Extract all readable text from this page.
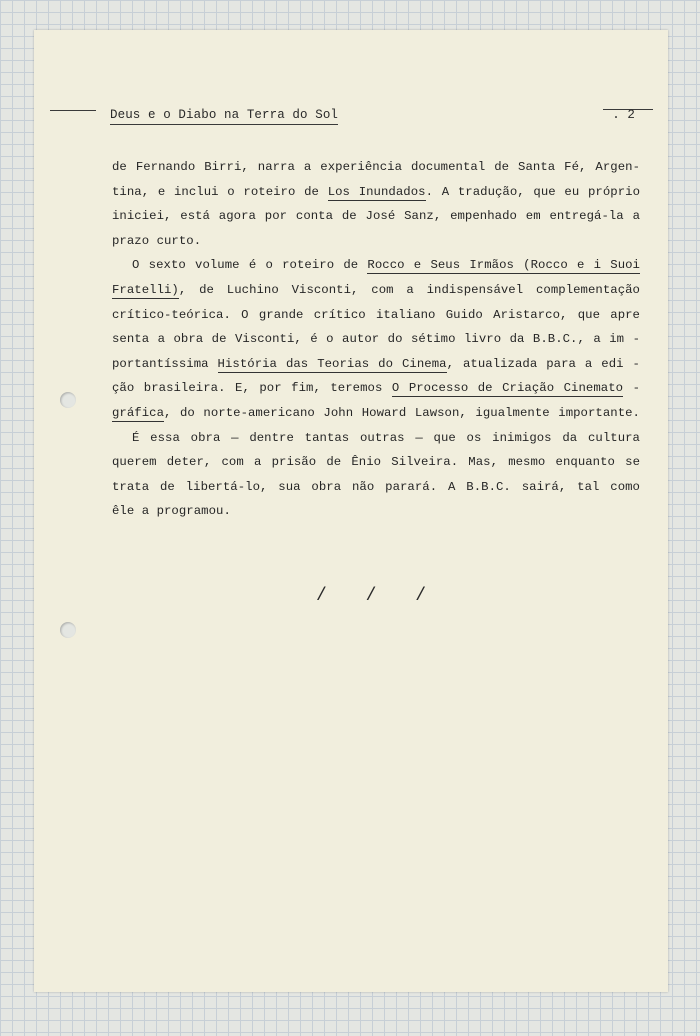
Deus e o Diabo na Terra do Sol	. 2
de Fernando Birri, narra a experiência documental de Santa Fé, Argen-
tina, e inclui o roteiro de Los Inundados. A tradução, que eu próprio
iniciei, está agora por conta de José Sanz, empenhado em entregá-la a
prazo curto.
O sexto volume é o roteiro de Rocco e Seus Irmãos (Rocco e i Suoi
Fratelli), de Luchino Visconti, com a indispensável complementação
crítico-teórica. O grande crítico italiano Guido Aristarco, que apre
senta a obra de Visconti, é o autor do sétimo livro da B.B.C., a im -
portantíssima História das Teorias do Cinema, atualizada para a edi -
ção brasileira. E, por fim, teremos O Processo de Criação Cinemato -
gráfica, do norte-americano John Howard Lawson, igualmente importante.
É essa obra — dentre tantas outras — que os inimigos da cultura
querem deter, com a prisão de Ênio Silveira. Mas, mesmo enquanto se
trata de libertá-lo, sua obra não parará. A B.B.C. sairá, tal como
êle a programou.
/ / /
